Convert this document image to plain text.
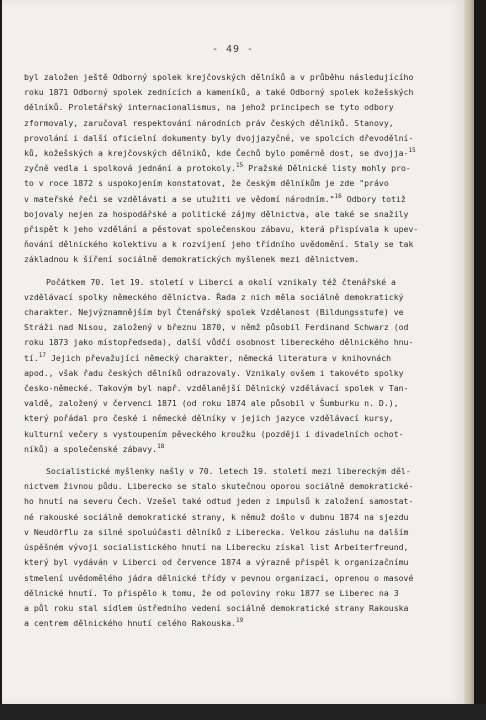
- 49 -

byl založen ještě Odborný spolek krejčovských dělníků a v průběhu následujícího
roku 1871 Odborný spolek zednících a kameníků, a také Odborný spolek kožešských
dělníků. Proletářský internacionalismus, na jehož principech se tyto odbory
zformovaly, zaručoval respektování národních práv českých dělníků. Stanovy,
provolání i další oficielní dokumenty byly dvojjazyčné, ve spolcích dřevodělní-
ků, kožešských a krejčovských dělníků, kde Čechů bylo poměrně dost, se dvojja-$^{15}$
zyčně vedla i spolková jednání a protokoly.$^{15}$ Pražské Dělnické listy mohly pro-
to v roce 1872 s uspokojením konstatovat, že českým dělníkům je zde "právo
v mateřské řeči se vzdělávati a se utužiti ve vědomí národním."$^{16}$ Odbory totiž
bojovaly nejen za hospodářské a politické zájmy dělnictva, ale také se snažily
přispět k jeho vzdělání a pěstovat společenskou zábavu, která přispívala k upev-
ňování dělnického kolektivu a k rozvíjení jeho třídního uvědomění. Staly se tak
základnou k šíření sociálně demokratických myšlenek mezi dělnictvem.

Počátkem 70. let 19. století v Liberci a okolí vznikaly též čtenářské a
vzdělávací spolky německého dělnictva. Řada z nich měla sociálně demokratický
charakter. Nejvýznamnějším byl Čtenářský spolek Vzdělanost (Bildungsstufe) ve
Stráži nad Nisou, založený v březnu 1870, v němž působil Ferdinand Schwarz (od
roku 1873 jako místopředseda), další vůdčí osobnost libereckého dělnického hnu-
tí.$^{17}$ Jejich převažující německý charakter, německá literatura v knihovnách
apod., však řadu českých dělníků odrazovaly. Vznikaly ovšem i takovéto spolky
česko-německé. Takovým byl např. vzdělanější Dělnický vzdělávací spolek v Tan-
valdě, založený v červenci 1871 (od roku 1874 ale působil v Šumburku n. D.),
který pořádal pro české i německé dělníky v jejich jazyce vzdělávací kursy,
kulturní večery s vystoupením pěveckého kroužku (později i divadelních ochot-
níků) a společenské zábavy.$^{18}$

Socialistické myšlenky našly v 70. letech 19. století mezi libereckým děl-
nictvem živnou půdu. Liberecko se stalo skutečnou oporou sociálně demokratické-
ho hnutí na severu Čech. Vzešel také odtud jeden z impulsů k založení samostat-
né rakouské sociálně demokratické strany, k němuž došlo v dubnu 1874 na sjezdu
v Neudörflu za silné spoluúčasti dělníků z Liberecka. Velkou zásluhu na dalším
úspěšném vývoji socialistického hnutí na Liberecku získal list Arbeiterfreund,
který byl vydáván v Liberci od července 1874 a výrazně přispěl k organizačnímu
stmelení uvědomělého jádra dělnické třídy v pevnou organizaci, oprenou o masové
dělnické hnutí. To přispělo k tomu, že od poloviny roku 1877 se Liberec na 3
a půl roku stal sídlem ústředního vedení sociálně demokratické strany Rakouska
a centrem dělnického hnutí celého Rakouska.$^{19}$
